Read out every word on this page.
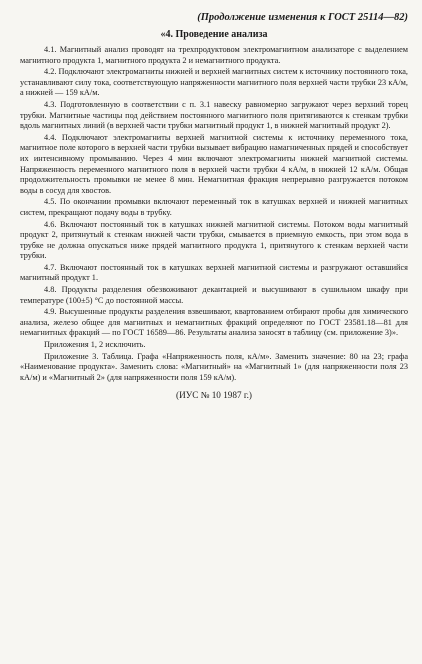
(Продолжение изменения к ГОСТ 25114—82)
«4. Проведение анализа

4.1. Магнитный анализ проводят на трехпродуктовом электромагнитном анализаторе с выделением магнитного продукта 1, магнитного продукта 2 и немагнитного продукта.

4.2. Подключают электромагниты нижней и верхней магнитных систем к источнику постоянного тока, устанавливают силу тока, соответствующую напряженности магнитного поля верхней части трубки 23 кА/м, а нижней — 159 кА/м.

4.3. Подготовленную в соответствии с п. 3.1 навеску равномерно загружают через верхний торец трубки. Магнитные частицы под действием постоянного магнитного поля притягиваются к стенкам трубки вдоль магнитных линий (в верхней части трубки магнитный продукт 1, в нижней магнитный продукт 2).

4.4. Подключают электромагниты верхней магнитной системы к источнику переменного тока, магнитное поле которого в верхней части трубки вызывает вибрацию намагниченных прядей и способствует их интенсивному промыванию. Через 4 мин включают электромагниты нижней магнитной системы. Напряженность переменного магнитного поля в верхней части трубки 4 кА/м, в нижней 12 кА/м. Общая продолжительность промывки не менее 8 мин. Немагнитная фракция непрерывно разгружается потоком воды в сосуд для хвостов.

4.5. По окончании промывки включают переменный ток в катушках верхней и нижней магнитных систем, прекращают подачу воды в трубку.

4.6. Включают постоянный ток в катушках нижней магнитной системы. Потоком воды магнитный продукт 2, притянутый к стенкам нижней части трубки, смывается в приемную емкость, при этом вода в трубке не должна опускаться ниже прядей магнитного продукта 1, притянутого к стенкам верхней части трубки.

4.7. Включают постоянный ток в катушках верхней магнитной системы и разгружают оставшийся магнитный продукт 1.

4.8. Продукты разделения обезвоживают декантацией и высушивают в сушильном шкафу при температуре (100±5) °С до постоянной массы.

4.9. Высушенные продукты разделения взвешивают, квартованием отбирают пробы для химического анализа, железо общее для магнитных и немагнитных фракций определяют по ГОСТ 23581.18—81 для немагнитных фракций — по ГОСТ 16589—86. Результаты анализа заносят в таблицу (см. приложение 3)».

Приложения 1, 2 исключить.

Приложение 3. Таблица. Графа «Напряженность поля, кА/м». Заменить значение: 80 на 23; графа «Наименование продукта». Заменить слова: «Магнитный» на «Магнитный 1» (для напряженности поля 23 кА/м) и «Магнитный 2» (для напряженности поля 159 кА/м).

(ИУС № 10 1987 г.)
